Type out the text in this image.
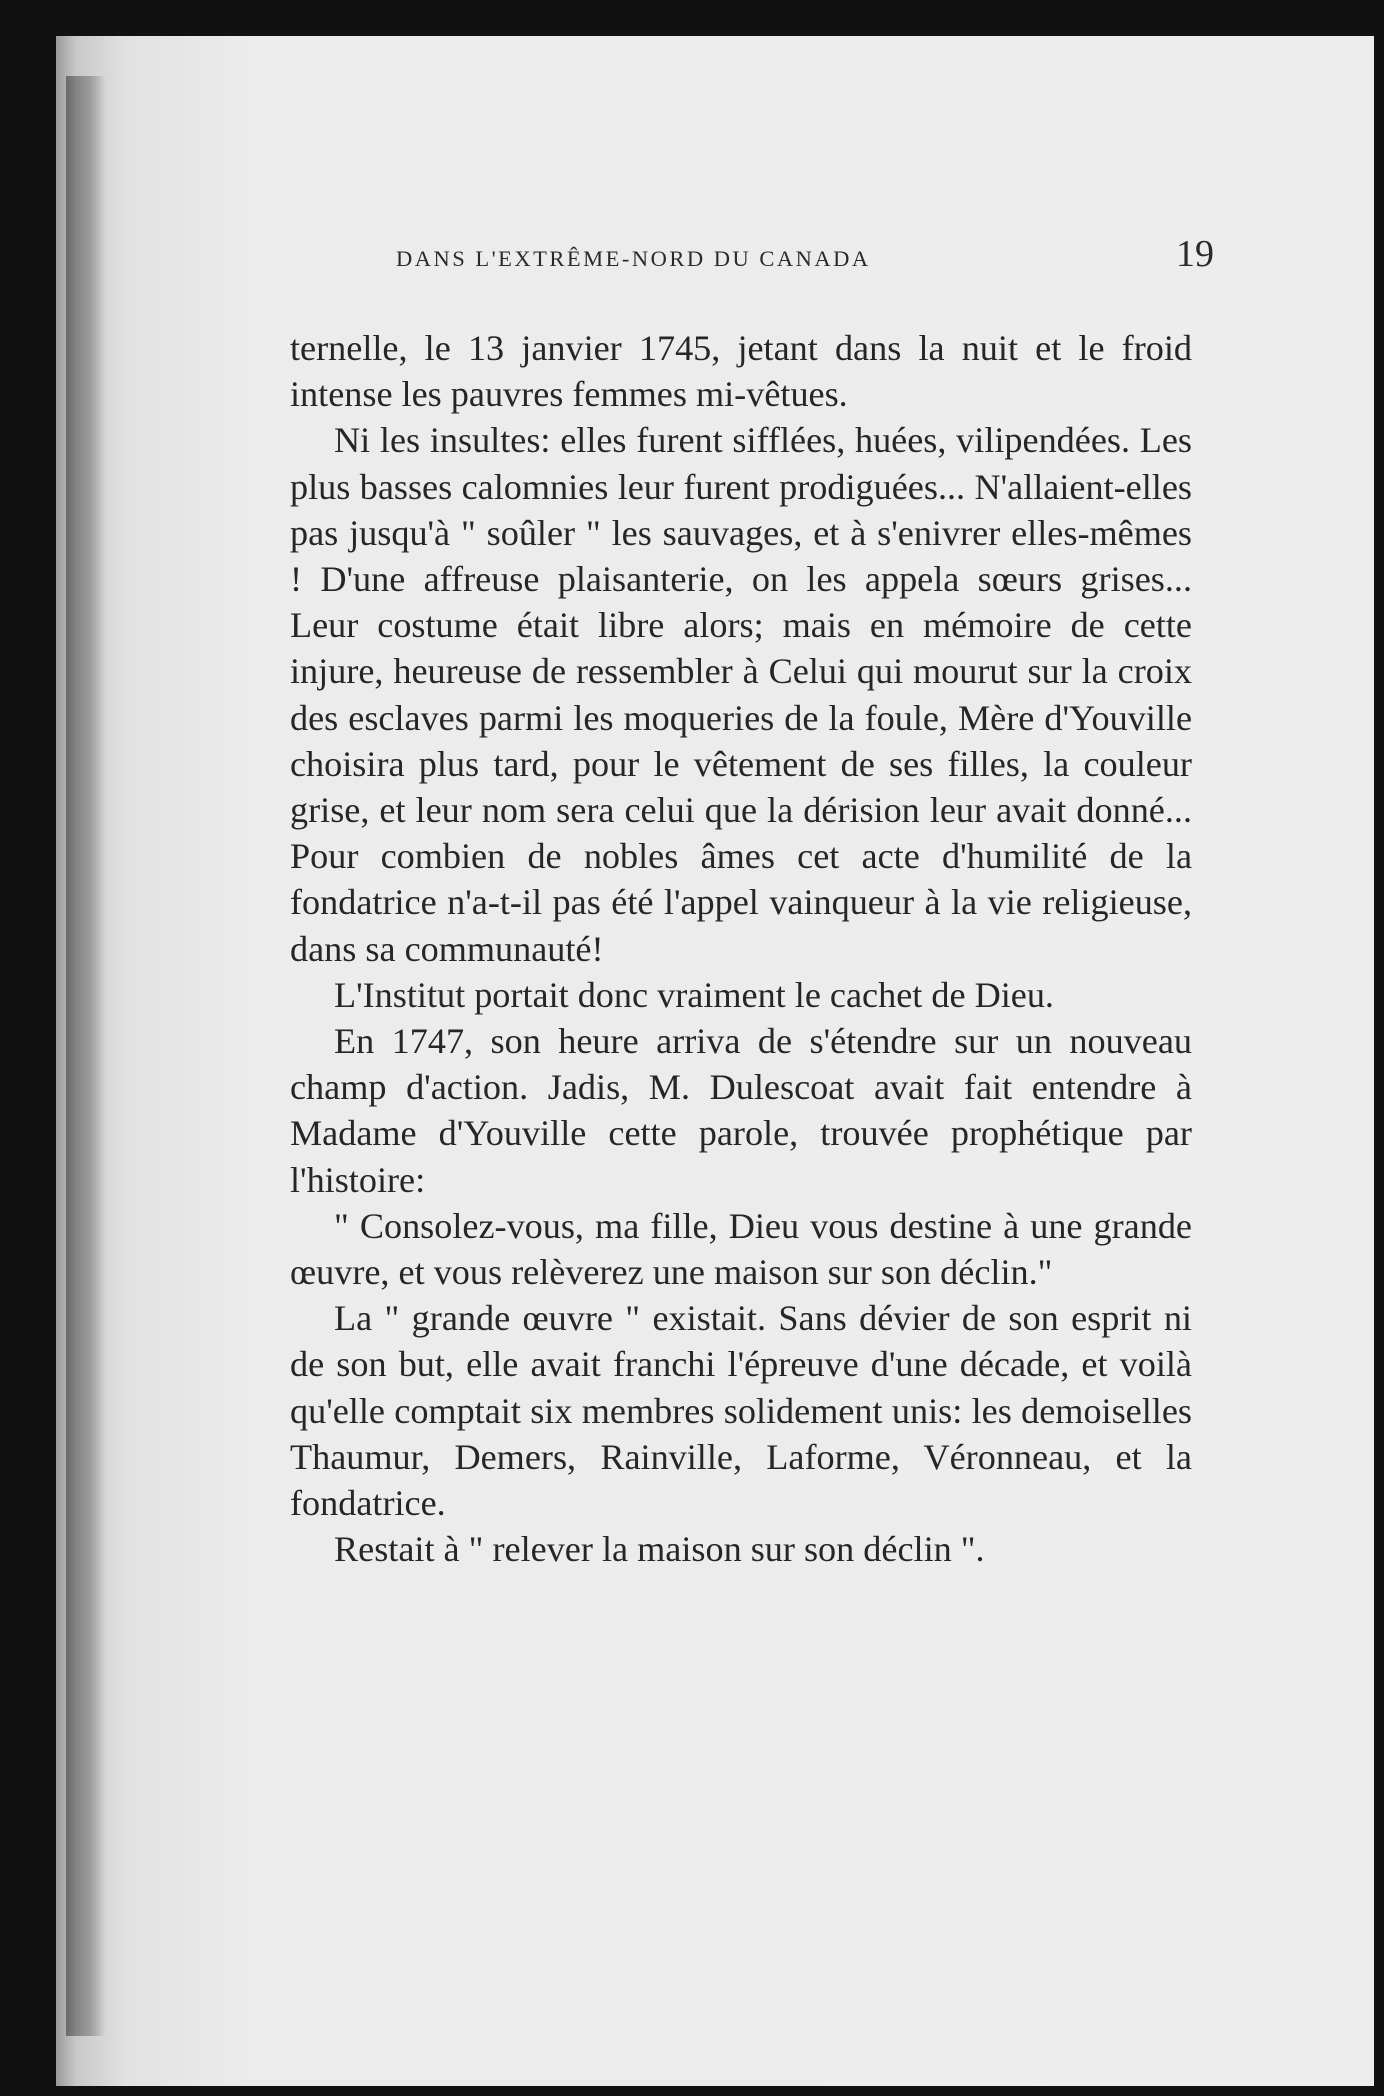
DANS L'EXTRÊME-NORD DU CANADA	19

ternelle, le 13 janvier 1745, jetant dans la nuit et le froid intense les pauvres femmes mi-vêtues.

Ni les insultes: elles furent sifflées, huées, vilipendées. Les plus basses calomnies leur furent prodiguées... N'allaient-elles pas jusqu'à " soûler " les sauvages, et à s'enivrer elles-mêmes ! D'une affreuse plaisanterie, on les appela sœurs grises... Leur costume était libre alors; mais en mémoire de cette injure, heureuse de ressembler à Celui qui mourut sur la croix des esclaves parmi les moqueries de la foule, Mère d'Youville choisira plus tard, pour le vêtement de ses filles, la couleur grise, et leur nom sera celui que la dérision leur avait donné... Pour combien de nobles âmes cet acte d'humilité de la fondatrice n'a-t-il pas été l'appel vainqueur à la vie religieuse, dans sa communauté!

L'Institut portait donc vraiment le cachet de Dieu.

En 1747, son heure arriva de s'étendre sur un nouveau champ d'action. Jadis, M. Dulescoat avait fait entendre à Madame d'Youville cette parole, trouvée prophétique par l'histoire:

" Consolez-vous, ma fille, Dieu vous destine à une grande œuvre, et vous relèverez une maison sur son déclin."

La " grande œuvre " existait. Sans dévier de son esprit ni de son but, elle avait franchi l'épreuve d'une décade, et voilà qu'elle comptait six membres solidement unis: les demoiselles Thaumur, Demers, Rainville, Laforme, Véronneau, et la fondatrice.

Restait à " relever la maison sur son déclin ".
